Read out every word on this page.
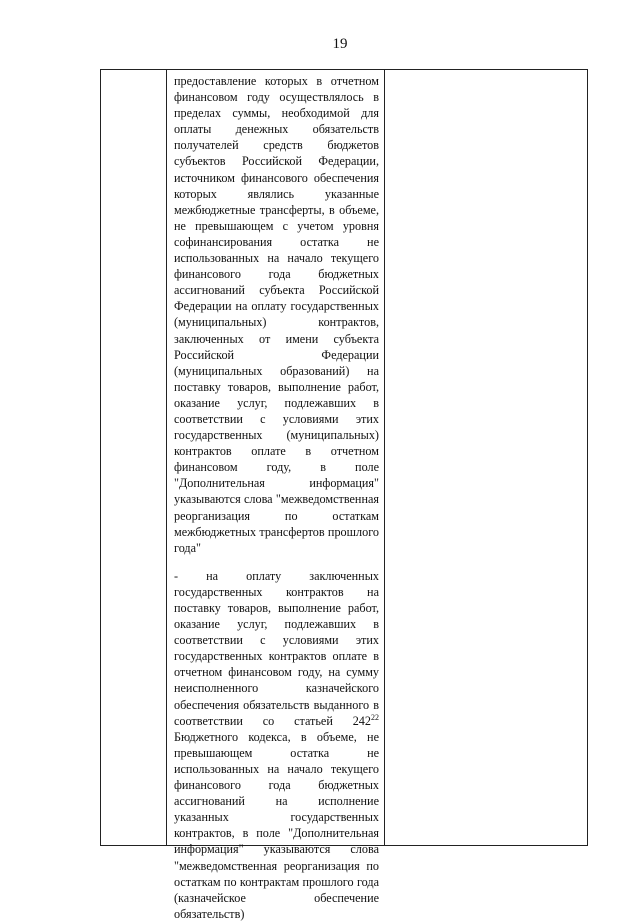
19

предоставление которых в отчетном финансовом году осуществлялось в пределах суммы, необходимой для оплаты денежных обязательств получателей средств бюджетов субъектов Российской Федерации, источником финансового обеспечения которых являлись указанные межбюджетные трансферты, в объеме, не превышающем с учетом уровня софинансирования остатка не использованных на начало текущего финансового года бюджетных ассигнований субъекта Российской Федерации на оплату государственных (муниципальных) контрактов, заключенных от имени субъекта Российской Федерации (муниципальных образований) на поставку товаров, выполнение работ, оказание услуг, подлежавших в соответствии с условиями этих государственных (муниципальных) контрактов оплате в отчетном финансовом году, в поле "Дополнительная информация" указываются слова "межведомственная реорганизация по остаткам межбюджетных трансфертов прошлого года"

- на оплату заключенных государственных контрактов на поставку товаров, выполнение работ, оказание услуг, подлежавших в соответствии с условиями этих государственных контрактов оплате в отчетном финансовом году, на сумму неисполненного казначейского обеспечения обязательств выданного в соответствии со статьей $242^{22}$ Бюджетного кодекса, в объеме, не превышающем остатка не использованных на начало текущего финансового года бюджетных ассигнований на исполнение указанных государственных контрактов, в поле "Дополнительная информация" указываются слова "межведомственная реорганизация по остаткам по контрактам прошлого года (казначейское обеспечение обязательств)
